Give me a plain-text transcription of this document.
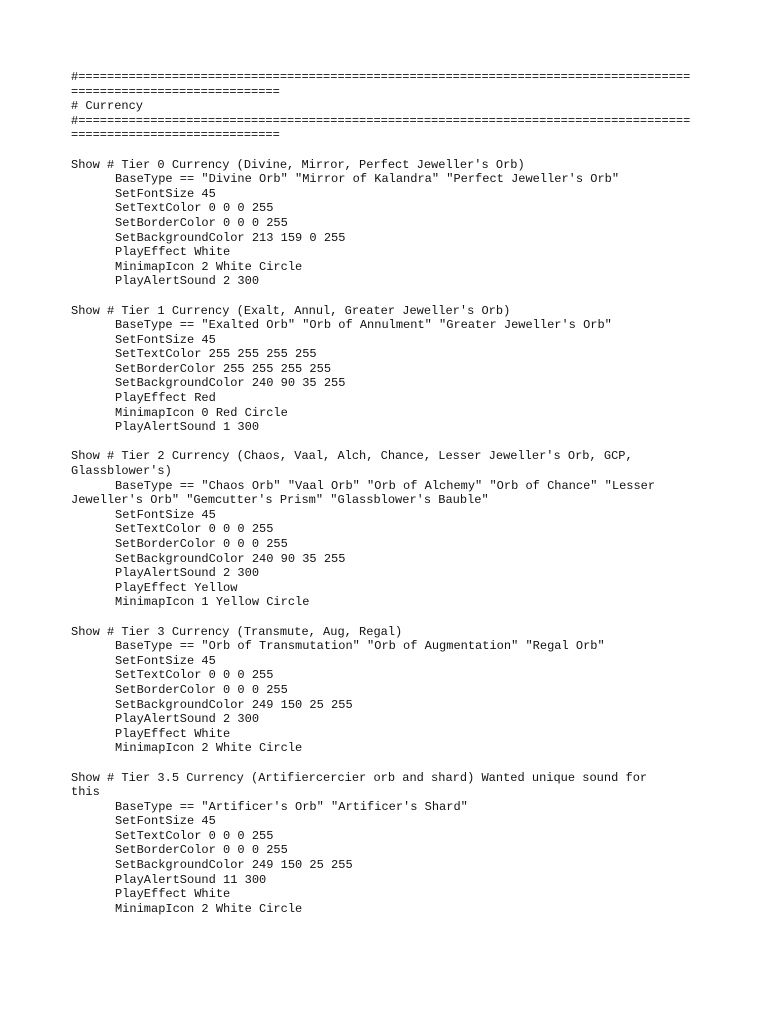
#=====================================================================================
=============================
# Currency
#=====================================================================================
=============================
Show # Tier 0 Currency (Divine, Mirror, Perfect Jeweller's Orb)
BaseType == "Divine Orb" "Mirror of Kalandra" "Perfect Jeweller's Orb"
SetFontSize 45
SetTextColor 0 0 0 255
SetBorderColor 0 0 0 255
SetBackgroundColor 213 159 0 255
PlayEffect White
MinimapIcon 2 White Circle
PlayAlertSound 2 300
Show # Tier 1 Currency (Exalt, Annul, Greater Jeweller's Orb)
BaseType == "Exalted Orb" "Orb of Annulment" "Greater Jeweller's Orb"
SetFontSize 45
SetTextColor 255 255 255 255
SetBorderColor 255 255 255 255
SetBackgroundColor 240 90 35 255
PlayEffect Red
MinimapIcon 0 Red Circle
PlayAlertSound 1 300
Show # Tier 2 Currency (Chaos, Vaal, Alch, Chance, Lesser Jeweller's Orb, GCP,
Glassblower's)
BaseType == "Chaos Orb" "Vaal Orb" "Orb of Alchemy" "Orb of Chance" "Lesser
Jeweller's Orb" "Gemcutter's Prism" "Glassblower's Bauble"
SetFontSize 45
SetTextColor 0 0 0 255
SetBorderColor 0 0 0 255
SetBackgroundColor 240 90 35 255
PlayAlertSound 2 300
PlayEffect Yellow
MinimapIcon 1 Yellow Circle
Show # Tier 3 Currency (Transmute, Aug, Regal)
BaseType == "Orb of Transmutation" "Orb of Augmentation" "Regal Orb"
SetFontSize 45
SetTextColor 0 0 0 255
SetBorderColor 0 0 0 255
SetBackgroundColor 249 150 25 255
PlayAlertSound 2 300
PlayEffect White
MinimapIcon 2 White Circle
Show # Tier 3.5 Currency (Artifiercercier orb and shard) Wanted unique sound for
this
BaseType == "Artificer's Orb" "Artificer's Shard"
SetFontSize 45
SetTextColor 0 0 0 255
SetBorderColor 0 0 0 255
SetBackgroundColor 249 150 25 255
PlayAlertSound 11 300
PlayEffect White
MinimapIcon 2 White Circle
